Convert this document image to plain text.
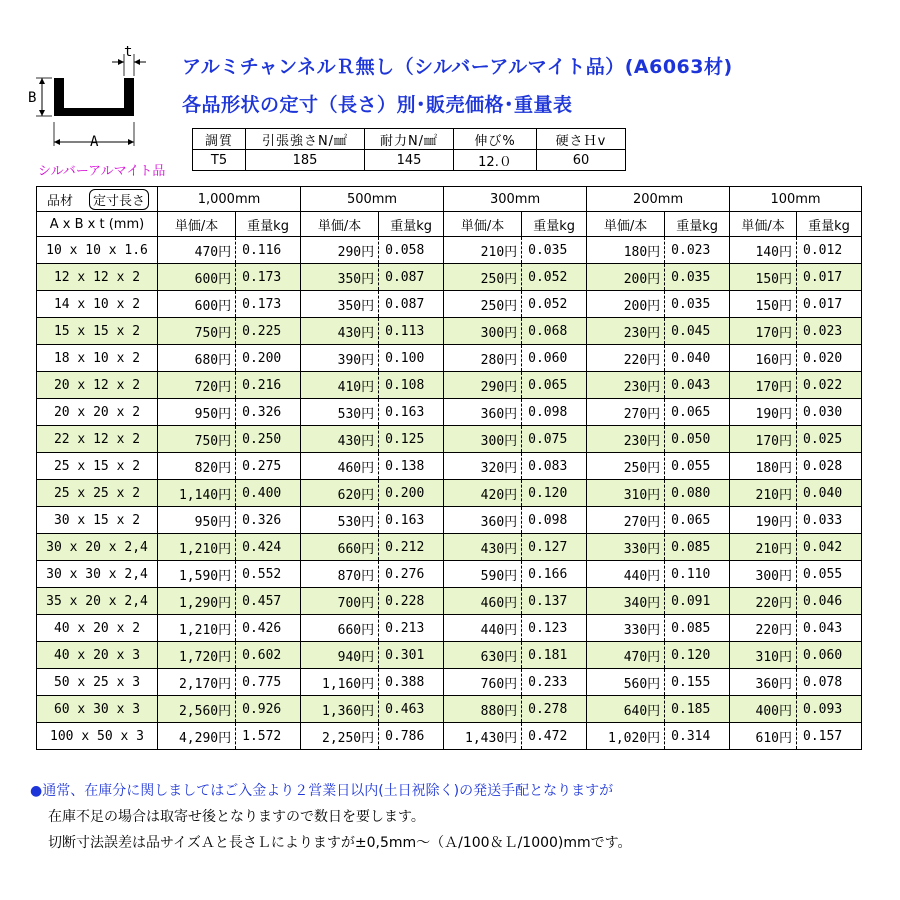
t
B
A
シルバーアルマイト品
アルミチャンネルＲ無し（シルバーアルマイト品）(A6063材)
各品形状の定寸（長さ）別･販売価格･重量表
調質	引張強さN/㎟	耐力N/㎟	伸び%	硬さＨv
T5	185	145	12.０	60
品材 定寸長さ	1,000mm		500mm		300mm		200mm		100mm	
A x B x t (mm)	単価/本	重量kg	単価/本	重量kg	単価/本	重量kg	単価/本	重量kg	単価/本	重量kg
10 x 10 x 1.6	470円	0.116	290円	0.058	210円	0.035	180円	0.023	140円	0.012
12 x 12 x 2	600円	0.173	350円	0.087	250円	0.052	200円	0.035	150円	0.017
14 x 10 x 2	600円	0.173	350円	0.087	250円	0.052	200円	0.035	150円	0.017
15 x 15 x 2	750円	0.225	430円	0.113	300円	0.068	230円	0.045	170円	0.023
18 x 10 x 2	680円	0.200	390円	0.100	280円	0.060	220円	0.040	160円	0.020
20 x 12 x 2	720円	0.216	410円	0.108	290円	0.065	230円	0.043	170円	0.022
20 x 20 x 2	950円	0.326	530円	0.163	360円	0.098	270円	0.065	190円	0.030
22 x 12 x 2	750円	0.250	430円	0.125	300円	0.075	230円	0.050	170円	0.025
25 x 15 x 2	820円	0.275	460円	0.138	320円	0.083	250円	0.055	180円	0.028
25 x 25 x 2	1,140円	0.400	620円	0.200	420円	0.120	310円	0.080	210円	0.040
30 x 15 x 2	950円	0.326	530円	0.163	360円	0.098	270円	0.065	190円	0.033
30 x 20 x 2,4	1,210円	0.424	660円	0.212	430円	0.127	330円	0.085	210円	0.042
30 x 30 x 2,4	1,590円	0.552	870円	0.276	590円	0.166	440円	0.110	300円	0.055
35 x 20 x 2,4	1,290円	0.457	700円	0.228	460円	0.137	340円	0.091	220円	0.046
40 x 20 x 2	1,210円	0.426	660円	0.213	440円	0.123	330円	0.085	220円	0.043
40 x 20 x 3	1,720円	0.602	940円	0.301	630円	0.181	470円	0.120	310円	0.060
50 x 25 x 3	2,170円	0.775	1,160円	0.388	760円	0.233	560円	0.155	360円	0.078
60 x 30 x 3	2,560円	0.926	1,360円	0.463	880円	0.278	640円	0.185	400円	0.093
100 x 50 x 3	4,290円	1.572	2,250円	0.786	1,430円	0.472	1,020円	0.314	610円	0.157
●通常、在庫分に関しましてはご入金より２営業日以内(土日祝除く)の発送手配となりますが
在庫不足の場合は取寄せ後となりますので数日を要します。
切断寸法誤差は品サイズＡと長さＬによりますが±0,5mm～（Ａ/100＆Ｌ/1000)mmです。
